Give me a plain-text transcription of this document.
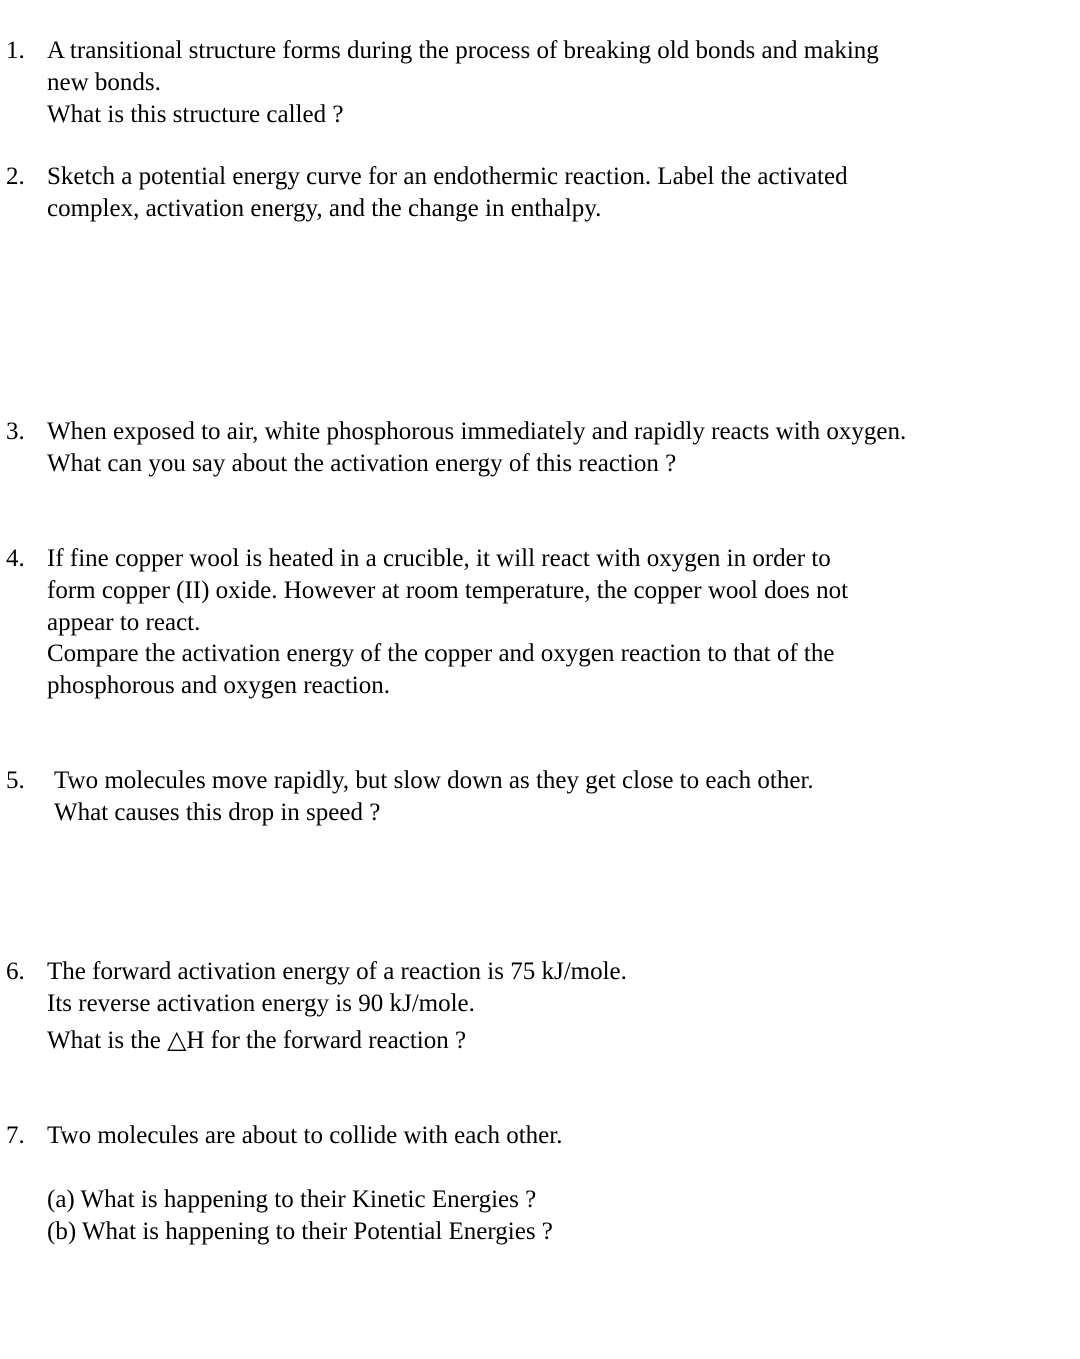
1. A transitional structure forms during the process of breaking old bonds and making
new bonds.
What is this structure called ?
2. Sketch a potential energy curve for an endothermic reaction. Label the activated
complex, activation energy, and the change in enthalpy.
3. When exposed to air, white phosphorous immediately and rapidly reacts with oxygen.
What can you say about the activation energy of this reaction ?
4. If fine copper wool is heated in a crucible, it will react with oxygen in order to
form copper (II) oxide. However at room temperature, the copper wool does not
appear to react.
Compare the activation energy of the copper and oxygen reaction to that of the
phosphorous and oxygen reaction.
5. Two molecules move rapidly, but slow down as they get close to each other.
What causes this drop in speed ?
6. The forward activation energy of a reaction is 75 kJ/mole.
Its reverse activation energy is 90 kJ/mole.
What is the △H for the forward reaction ?
7. Two molecules are about to collide with each other.
(a) What is happening to their Kinetic Energies ?
(b) What is happening to their Potential Energies ?
